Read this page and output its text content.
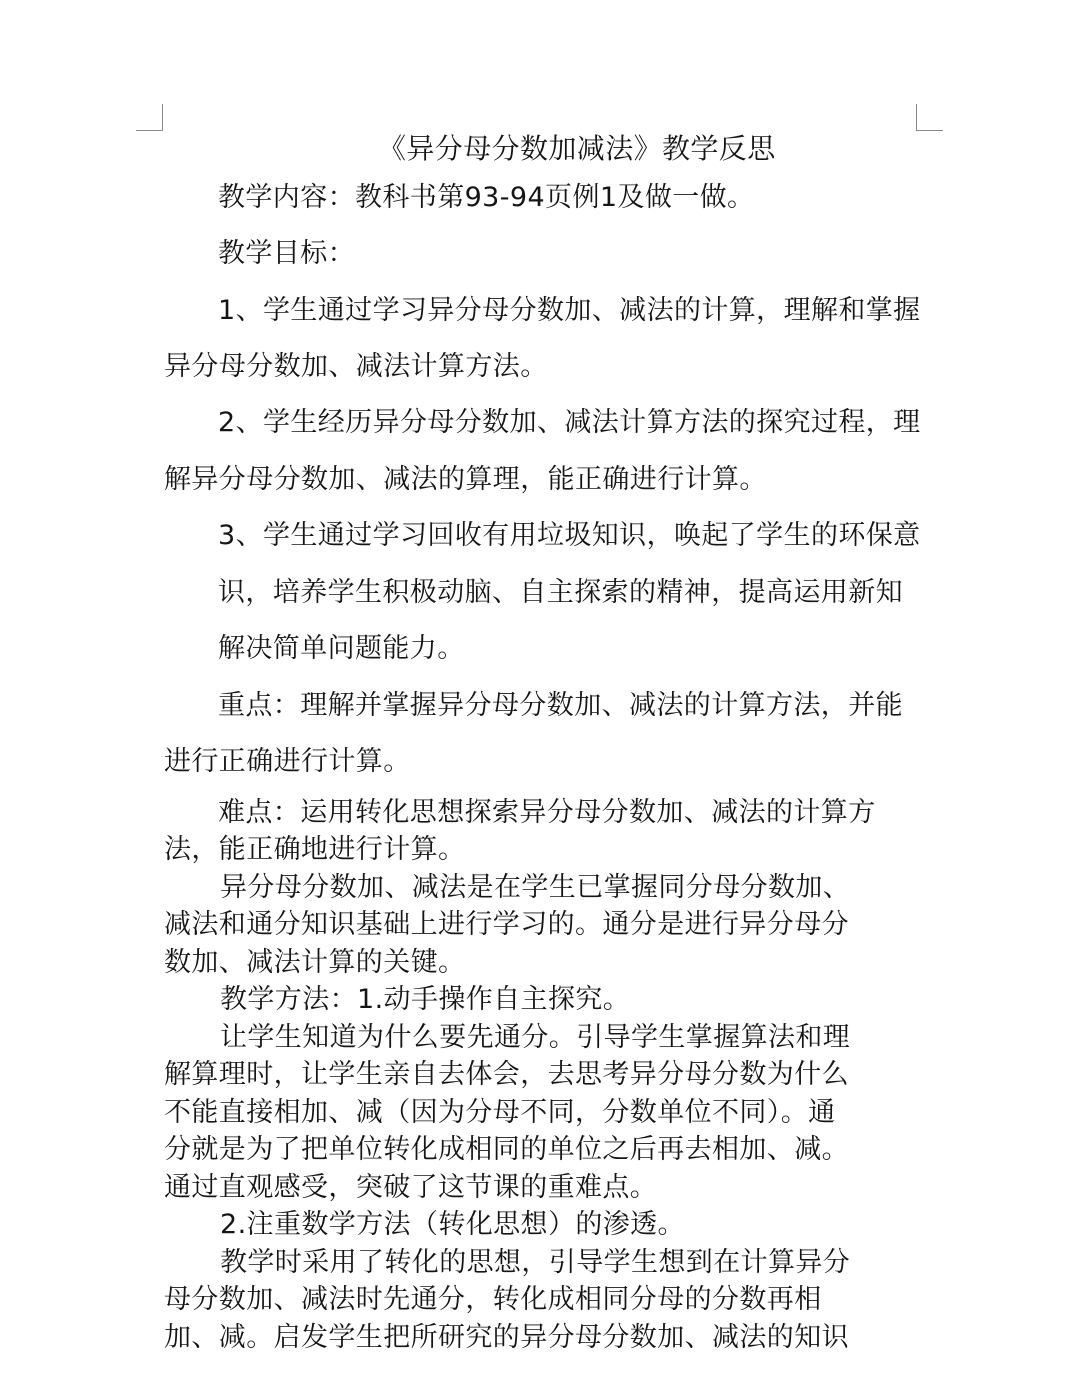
《异分母分数加减法》教学反思
教学内容：教科书第93-94页例1及做一做。
教学目标：
1、学生通过学习异分母分数加、减法的计算，理解和掌握
异分母分数加、减法计算方法。
2、学生经历异分母分数加、减法计算方法的探究过程，理
解异分母分数加、减法的算理，能正确进行计算。
3、学生通过学习回收有用垃圾知识，唤起了学生的环保意
识，培养学生积极动脑、自主探索的精神，提高运用新知
解决简单问题能力。
重点：理解并掌握异分母分数加、减法的计算方法，并能
进行正确进行计算。
难点：运用转化思想探索异分母分数加、减法的计算方
法，能正确地进行计算。
异分母分数加、减法是在学生已掌握同分母分数加、
减法和通分知识基础上进行学习的。通分是进行异分母分
数加、减法计算的关键。
教学方法：1.动手操作自主探究。
让学生知道为什么要先通分。引导学生掌握算法和理
解算理时，让学生亲自去体会，去思考异分母分数为什么
不能直接相加、减（因为分母不同，分数单位不同）。通
分就是为了把单位转化成相同的单位之后再去相加、减。
通过直观感受，突破了这节课的重难点。
2.注重数学方法（转化思想）的渗透。
教学时采用了转化的思想，引导学生想到在计算异分
母分数加、减法时先通分，转化成相同分母的分数再相
加、减。启发学生把所研究的异分母分数加、减法的知识
